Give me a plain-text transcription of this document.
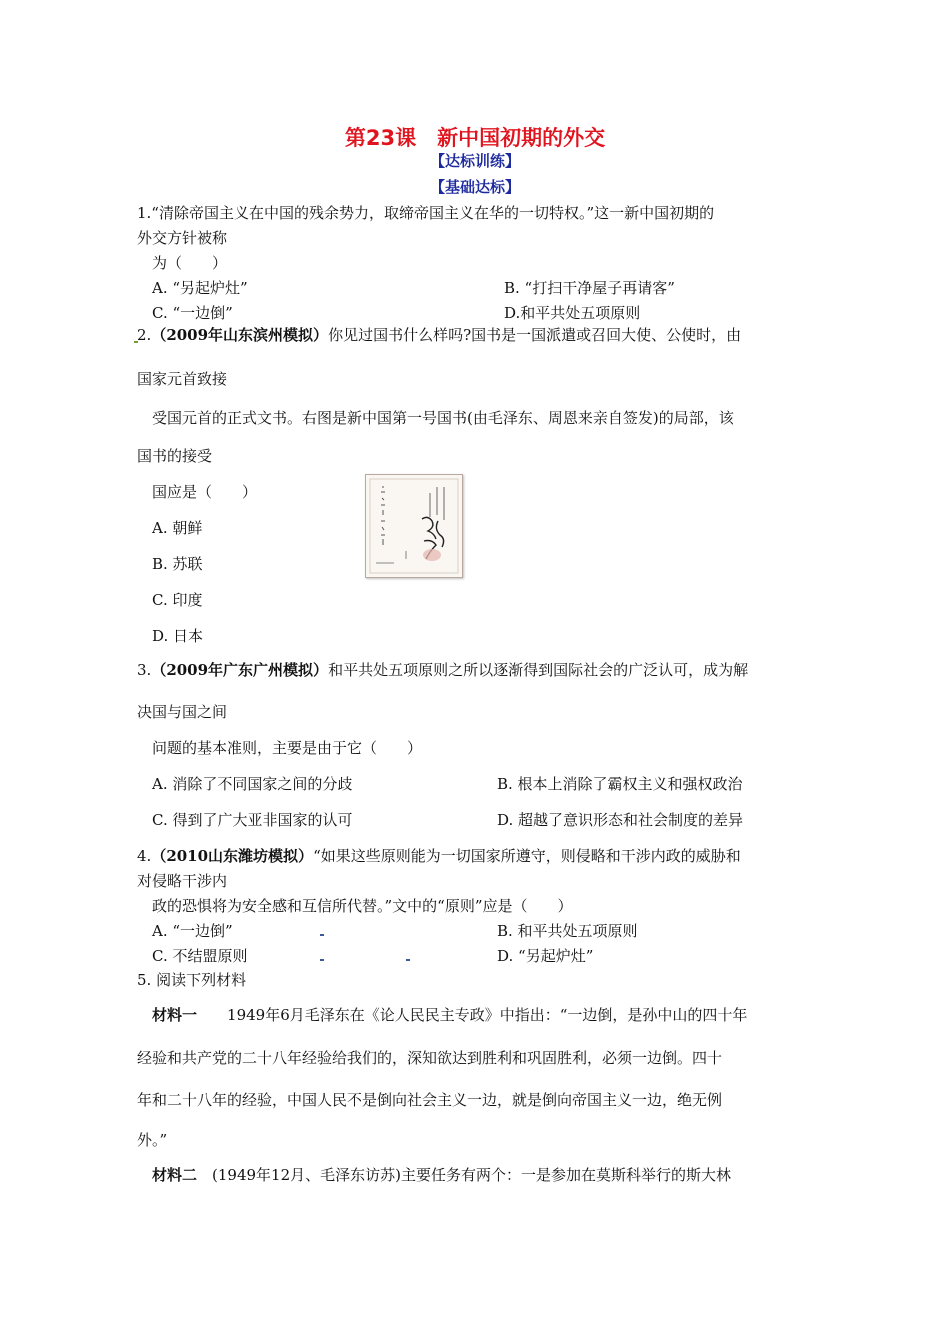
第23课　新中国初期的外交
【达标训练】
【基础达标】
1.“清除帝国主义在中国的残余势力，取缔帝国主义在华的一切特权。”这一新中国初期的
外交方针被称
为（　　）
A. “另起炉灶”	B. “打扫干净屋子再请客”
C. “一边倒”	D.和平共处五项原则
2.（2009年山东滨州模拟）你见过国书什么样吗?国书是一国派遣或召回大使、公使时，由
国家元首致接
受国元首的正式文书。右图是新中国第一号国书(由毛泽东、周恩来亲自签发)的局部，该
国书的接受
国应是（　　）
A. 朝鲜
B. 苏联
C. 印度
D. 日本
3.（2009年广东广州模拟）和平共处五项原则之所以逐渐得到国际社会的广泛认可，成为解
决国与国之间
问题的基本准则，主要是由于它（　　）
A. 消除了不同国家之间的分歧	B. 根本上消除了霸权主义和强权政治
C. 得到了广大亚非国家的认可	D. 超越了意识形态和社会制度的差异
4.（2010山东潍坊模拟）“如果这些原则能为一切国家所遵守，则侵略和干涉内政的威胁和
对侵略干涉内
政的恐惧将为安全感和互信所代替。”文中的“原则”应是（　　）
A. “一边倒”	B. 和平共处五项原则
C. 不结盟原则	D. “另起炉灶”
5. 阅读下列材料
材料一　　 1949年6月毛泽东在《论人民民主专政》中指出：“一边倒，是孙中山的四十年
经验和共产党的二十八年经验给我们的，深知欲达到胜利和巩固胜利，必须一边倒。四十
年和二十八年的经验，中国人民不是倒向社会主义一边，就是倒向帝国主义一边，绝无例
外。”
材料二　 (1949年12月、毛泽东访苏)主要任务有两个：一是参加在莫斯科举行的斯大林
